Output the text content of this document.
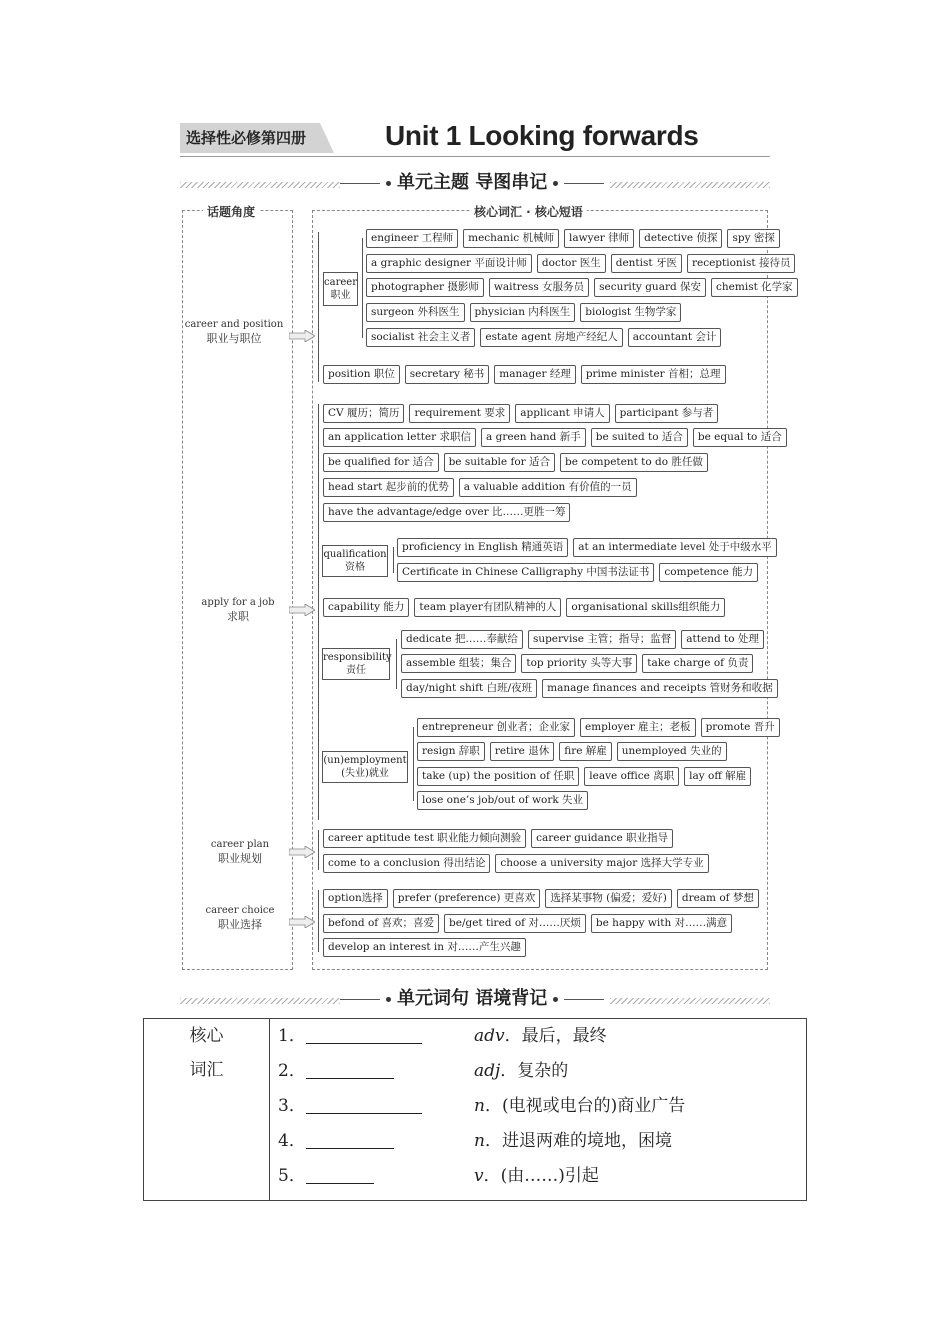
选择性必修第四册	Unit 1 Looking forwards
单元主题 导图串记
话题角度	核心词汇 · 核心短语
career and position
职业与职位
apply for a job
求职
career plan
职业规划
career choice
职业选择
career
职业
engineer 工程师	mechanic 机械师	lawyer 律师	detective 侦探	spy 密探
a graphic designer 平面设计师	doctor 医生	dentist 牙医	receptionist 接待员
photographer 摄影师	waitress 女服务员	security guard 保安	chemist 化学家
surgeon 外科医生	physician 内科医生	biologist 生物学家
socialist 社会主义者	estate agent 房地产经纪人	accountant 会计
position 职位	secretary 秘书	manager 经理	prime minister 首相；总理
CV 履历；简历	requirement 要求	applicant 申请人	participant 参与者
an application letter 求职信	a green hand 新手	be suited to 适合	be equal to 适合
be qualified for 适合	be suitable for 适合	be competent to do 胜任做
head start 起步前的优势	a valuable addition 有价值的一员
have the advantage/edge over 比……更胜一筹
qualification
资格
proficiency in English 精通英语	at an intermediate level 处于中级水平
Certificate in Chinese Calligraphy 中国书法证书	competence 能力
capability 能力	team player有团队精神的人	organisational skills组织能力
responsibility
责任
dedicate 把……奉献给	supervise 主管；指导；监督	attend to 处理
assemble 组装；集合	top priority 头等大事	take charge of 负责
day/night shift 白班/夜班	manage finances and receipts 管财务和收据
(un)employment
(失业)就业
entrepreneur 创业者；企业家	employer 雇主；老板	promote 晋升
resign 辞职	retire 退休	fire 解雇	unemployed 失业的
take (up) the position of 任职	leave office 离职	lay off 解雇
lose one’s job/out of work 失业
career aptitude test 职业能力倾向测验	career guidance 职业指导
come to a conclusion 得出结论	choose a university major 选择大学专业
option选择	prefer (preference) 更喜欢	选择某事物 (偏爱；爱好)	dream of 梦想
befond of 喜欢；喜爱	be/get tired of 对……厌烦	be happy with 对……满意
develop an interest in 对……产生兴趣
单元词句 语境背记
核心
词汇

1．	adv ．最后，最终
2．	adj ．复杂的
3．	n ．(电视或电台的)商业广告
4．	n ．进退两难的境地，困境
5．	v ．(由……)引起
